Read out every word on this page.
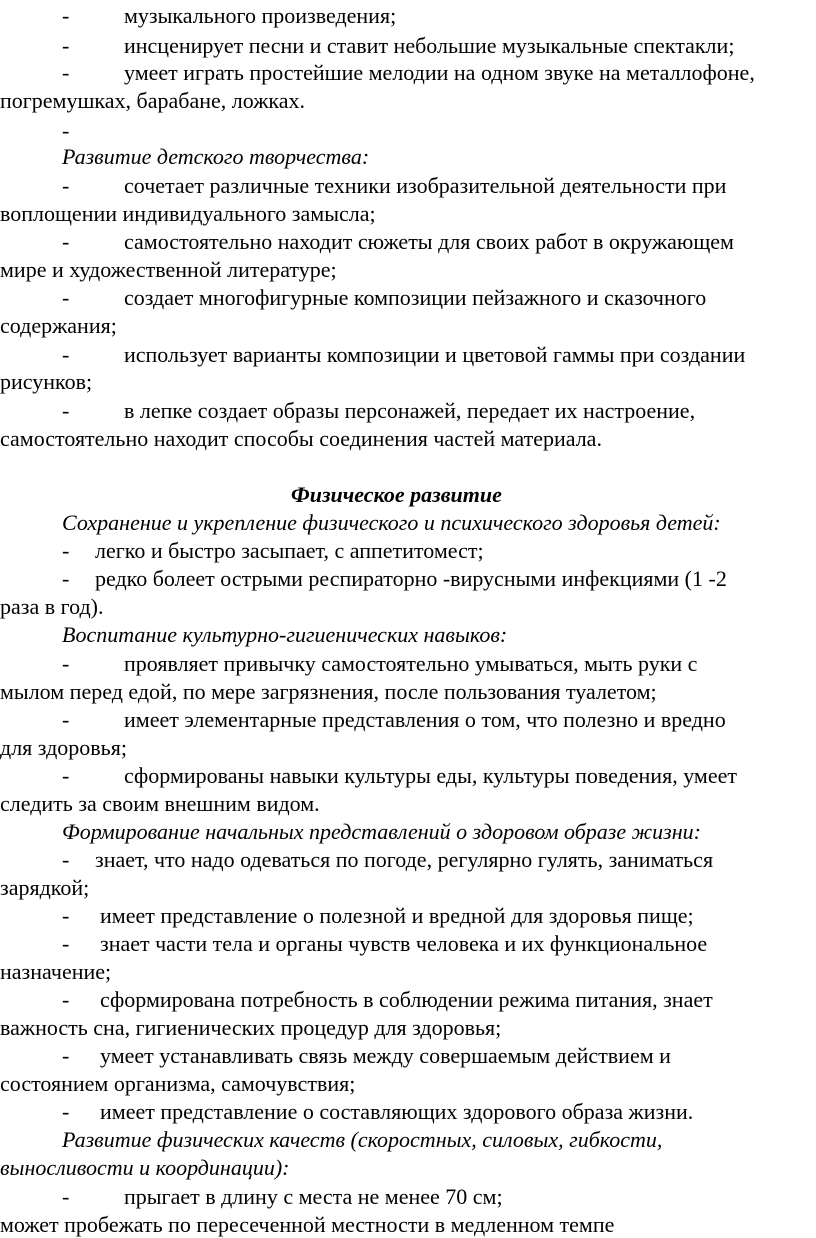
- музыкального произведения;
- инсценирует песни и ставит небольшие музыкальные спектакли;
- умеет играть простейшие мелодии на одном звуке на металлофоне,
погремушках, барабане, ложках.
-
Развитие детского творчества:
- сочетает различные техники изобразительной деятельности при
воплощении индивидуального замысла;
- самостоятельно находит сюжеты для своих работ в окружающем
мире и художественной литературе;
- создает многофигурные композиции пейзажного и сказочного
содержания;
- использует варианты композиции и цветовой гаммы при создании
рисунков;
- в лепке создает образы персонажей, передает их настроение,
самостоятельно находит способы соединения частей материала.
Физическое развитие
Сохранение и укрепление физического и психического здоровья детей:
- легко и быстро засыпает, с аппетитомест;
- редко болеет острыми респираторно -вирусными инфекциями (1 -2
раза в год).
Воспитание культурно-гигиенических навыков:
- проявляет привычку самостоятельно умываться, мыть руки с
мылом перед едой, по мере загрязнения, после пользования туалетом;
- имеет элементарные представления о том, что полезно и вредно
для здоровья;
- сформированы навыки культуры еды, культуры поведения, умеет
следить за своим внешним видом.
Формирование начальных представлений о здоровом образе жизни:
- знает, что надо одеваться по погоде, регулярно гулять, заниматься
зарядкой;
- имеет представление о полезной и вредной для здоровья пище;
- знает части тела и органы чувств человека и их функциональное
назначение;
- сформирована потребность в соблюдении режима питания, знает
важность сна, гигиенических процедур для здоровья;
- умеет устанавливать связь между совершаемым действием и
состоянием организма, самочувствия;
- имеет представление о составляющих здорового образа жизни.
Развитие физических качеств (скоростных, силовых, гибкости,
выносливости и координации):
- прыгает в длину с места не менее 70 см;
может пробежать по пересеченной местности в медленном темпе
